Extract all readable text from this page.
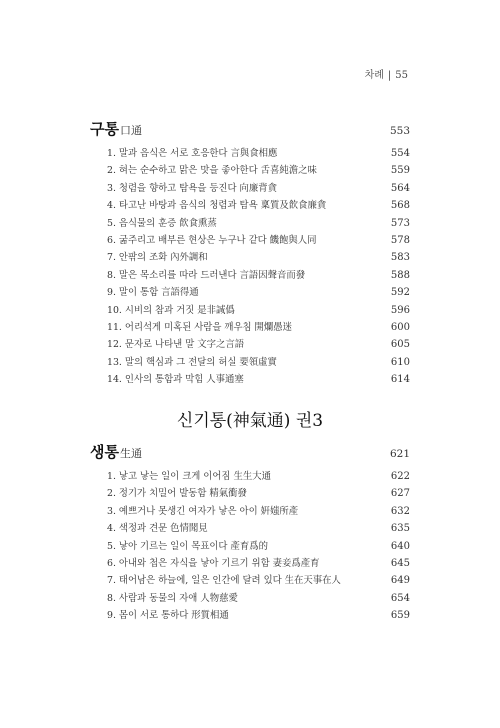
차례 | 55
구통口通	553
1. 말과 음식은 서로 호응한다 言與食相應	554
2. 혀는 순수하고 맑은 맛을 좋아한다 舌喜純澹之味	559
3. 청렴을 향하고 탐욕을 등진다 向廉背貪	564
4. 타고난 바탕과 음식의 청렴과 탐욕 稟質及飮食廉貪	568
5. 음식물의 훈증 飮食熏蒸	573
6. 굶주리고 배부른 현상은 누구나 같다 饑飽與人同	578
7. 안팎의 조화 內外調和	583
8. 말은 목소리를 따라 드러낸다 言語因聲音而發	588
9. 말이 통함 言語得通	592
10. 시비의 참과 거짓 是非誠僞	596
11. 어리석게 미혹된 사람을 깨우침 開爛愚迷	600
12. 문자로 나타낸 말 文字之言語	605
13. 말의 핵심과 그 전달의 허실 要領虛實	610
14. 인사의 통함과 막힘 人事通塞	614
신기통(神氣通) 권3
생통生通	621
1. 낳고 낳는 일이 크게 이어짐 生生大通	622
2. 정기가 치밀어 발동함 精氣衝發	627
3. 예쁘거나 못생긴 여자가 낳은 아이 姸媸所產	632
4. 색정과 견문 色情聞見	635
5. 낳아 기르는 일이 목표이다 產育爲的	640
6. 아내와 첩은 자식을 낳아 기르기 위함 妻妾爲產育	645
7. 태어남은 하늘에, 일은 인간에 달려 있다 生在天事在人	649
8. 사람과 동물의 자애 人物慈愛	654
9. 몸이 서로 통하다 形質相通	659
